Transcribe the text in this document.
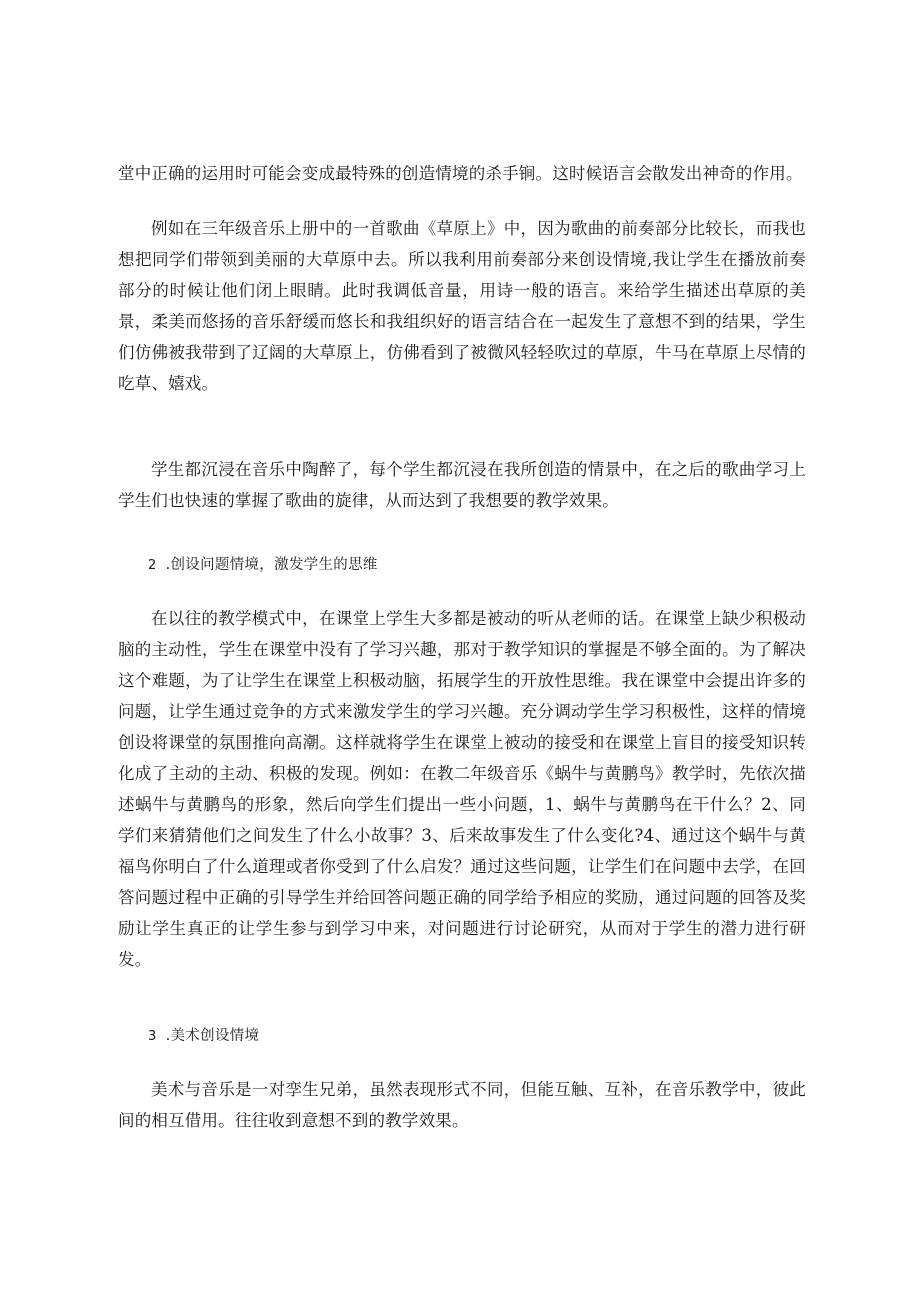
堂中正确的运用时可能会变成最特殊的创造情境的杀手锏。这时候语言会散发出神奇的作用。

例如在三年级音乐上册中的一首歌曲《草原上》中，因为歌曲的前奏部分比较长，而我也想把同学们带领到美丽的大草原中去。所以我利用前奏部分来创设情境,我让学生在播放前奏部分的时候让他们闭上眼睛。此时我调低音量，用诗一般的语言。来给学生描述出草原的美景，柔美而悠扬的音乐舒缓而悠长和我组织好的语言结合在一起发生了意想不到的结果，学生们仿佛被我带到了辽阔的大草原上，仿佛看到了被微风轻轻吹过的草原，牛马在草原上尽情的吃草、嬉戏。

学生都沉浸在音乐中陶醉了，每个学生都沉浸在我所创造的情景中，在之后的歌曲学习上学生们也快速的掌握了歌曲的旋律，从而达到了我想要的教学效果。

2 .创设问题情境，激发学生的思维

在以往的教学模式中，在课堂上学生大多都是被动的听从老师的话。在课堂上缺少积极动脑的主动性，学生在课堂中没有了学习兴趣，那对于教学知识的掌握是不够全面的。为了解决这个难题，为了让学生在课堂上积极动脑，拓展学生的开放性思维。我在课堂中会提出许多的问题，让学生通过竞争的方式来激发学生的学习兴趣。充分调动学生学习积极性，这样的情境创设将课堂的氛围推向高潮。这样就将学生在课堂上被动的接受和在课堂上盲目的接受知识转化成了主动的主动、积极的发现。例如：在教二年级音乐《蜗牛与黄鹏鸟》教学时，先依次描述蜗牛与黄鹏鸟的形象，然后向学生们提出一些小问题，1、蜗牛与黄鹏鸟在干什么？2、同学们来猜猜他们之间发生了什么小故事？3、后来故事发生了什么变化?4、通过这个蜗牛与黄福鸟你明白了什么道理或者你受到了什么启发？通过这些问题，让学生们在问题中去学，在回答问题过程中正确的引导学生并给回答问题正确的同学给予相应的奖励，通过问题的回答及奖励让学生真正的让学生参与到学习中来，对问题进行讨论研究，从而对于学生的潜力进行研发。

3 .美术创设情境

美术与音乐是一对孪生兄弟，虽然表现形式不同，但能互触、互补，在音乐教学中，彼此间的相互借用。往往收到意想不到的教学效果。
